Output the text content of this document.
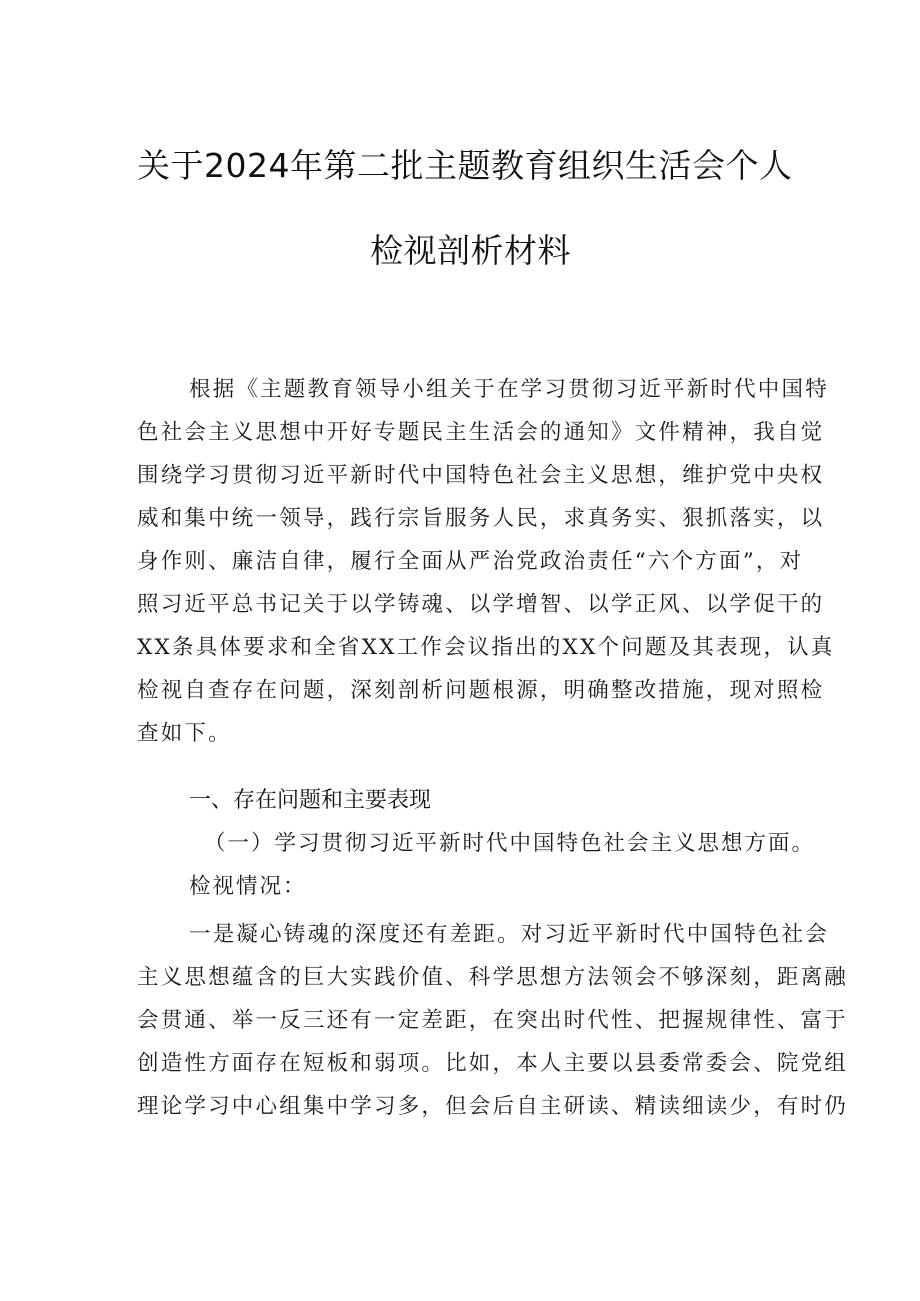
关于2024年第二批主题教育组织生活会个人
检视剖析材料
根据《主题教育领导小组关于在学习贯彻习近平新时代中国特
色社会主义思想中开好专题民主生活会的通知》文件精神，我自觉
围绕学习贯彻习近平新时代中国特色社会主义思想，维护党中央权
威和集中统一领导，践行宗旨服务人民，求真务实、狠抓落实，以
身作则、廉洁自律，履行全面从严治党政治责任“六个方面”，对
照习近平总书记关于以学铸魂、以学增智、以学正风、以学促干的
XX条具体要求和全省XX工作会议指出的XX个问题及其表现，认真
检视自查存在问题，深刻剖析问题根源，明确整改措施，现对照检
查如下。
一、存在问题和主要表现

（一）学习贯彻习近平新时代中国特色社会主义思想方面。

检视情况：

一是凝心铸魂的深度还有差距。对习近平新时代中国特色社会
主义思想蕴含的巨大实践价值、科学思想方法领会不够深刻，距离融
会贯通、举一反三还有一定差距，在突出时代性、把握规律性、富于
创造性方面存在短板和弱项。比如，本人主要以县委常委会、院党组
理论学习中心组集中学习多，但会后自主研读、精读细读少，有时仍
